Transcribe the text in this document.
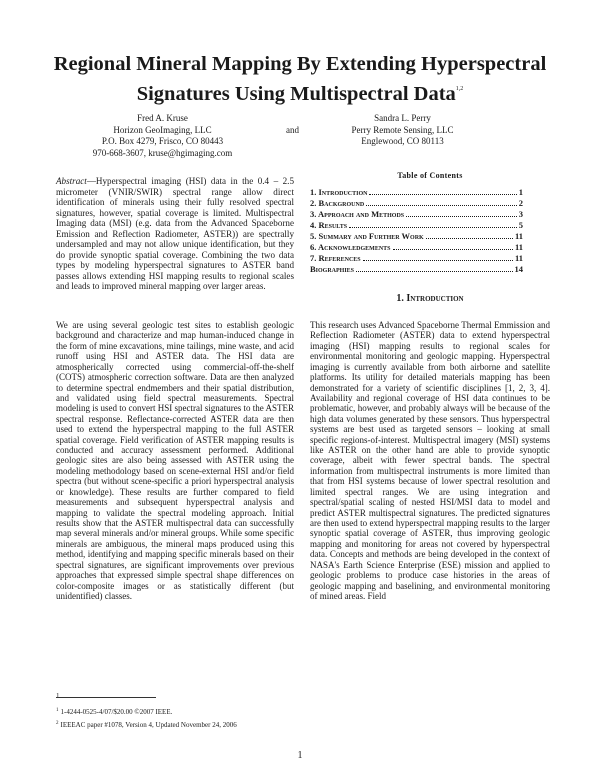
Regional Mineral Mapping By Extending Hyperspectral
Signatures Using Multispectral Data$^{1,2}$
Fred A. Kruse
Horizon GeoImaging, LLC
P.O. Box 4279, Frisco, CO 80443
970-668-3607, kruse@hgimaging.com
and
Sandra L. Perry
Perry Remote Sensing, LLC
Englewood, CO 80113
Abstract—Hyperspectral imaging (HSI) data in the 0.4 – 2.5 micrometer (VNIR/SWIR) spectral range allow direct identification of minerals using their fully resolved spectral signatures, however, spatial coverage is limited. Multispectral Imaging data (MSI) (e.g. data from the Advanced Spaceborne Emission and Reflection Radiometer, ASTER)) are spectrally undersampled and may not allow unique identification, but they do provide synoptic spatial coverage. Combining the two data types by modeling hyperspectral signatures to ASTER band passes allows extending HSI mapping results to regional scales and leads to improved mineral mapping over larger areas.
Table of Contents
1. Introduction	1
2. Background	2
3. Approach and Methods	3
4. Results	5
5. Summary and Further Work	11
6. Acknowledgements	11
7. References	11
Biographies	14
1. Introduction
We are using several geologic test sites to establish geologic background and characterize and map human-induced change in the form of mine excavations, mine tailings, mine waste, and acid runoff using HSI and ASTER data. The HSI data are atmospherically corrected using commercial-off-the-shelf (COTS) atmospheric correction software. Data are then analyzed to determine spectral endmembers and their spatial distribution, and validated using field spectral measurements. Spectral modeling is used to convert HSI spectral signatures to the ASTER spectral response. Reflectance-corrected ASTER data are then used to extend the hyperspectral mapping to the full ASTER spatial coverage. Field verification of ASTER mapping results is conducted and accuracy assessment performed. Additional geologic sites are also being assessed with ASTER using the modeling methodology based on scene-external HSI and/or field spectra (but without scene-specific a priori hyperspectral analysis or knowledge). These results are further compared to field measurements and subsequent hyperspectral analysis and mapping to validate the spectral modeling approach. Initial results show that the ASTER multispectral data can successfully map several minerals and/or mineral groups. While some specific minerals are ambiguous, the mineral maps produced using this method, identifying and mapping specific minerals based on their spectral signatures, are significant improvements over previous approaches that expressed simple spectral shape differences on color-composite images or as statistically different (but unidentified) classes.
This research uses Advanced Spaceborne Thermal Emmission and Reflection Radiometer (ASTER) data to extend hyperspectral imaging (HSI) mapping results to regional scales for environmental monitoring and geologic mapping. Hyperspectral imaging is currently available from both airborne and satellite platforms. Its utility for detailed materials mapping has been demonstrated for a variety of scientific disciplines [1, 2, 3, 4]. Availability and regional coverage of HSI data continues to be problematic, however, and probably always will be because of the high data volumes generated by these sensors. Thus hyperspectral systems are best used as targeted sensors – looking at small specific regions-of-interest. Multispectral imagery (MSI) systems like ASTER on the other hand are able to provide synoptic coverage, albeit with fewer spectral bands. The spectral information from multispectral instruments is more limited than that from HSI systems because of lower spectral resolution and limited spectral ranges. We are using integration and spectral/spatial scaling of nested HSI/MSI data to model and predict ASTER multispectral signatures. The predicted signatures are then used to extend hyperspectral mapping results to the larger synoptic spatial coverage of ASTER, thus improving geologic mapping and monitoring for areas not covered by hyperspectral data. Concepts and methods are being developed in the context of NASA's Earth Science Enterprise (ESE) mission and applied to geologic problems to produce case histories in the areas of geologic mapping and baselining, and environmental monitoring of mined areas. Field
1
$^1$ 1-4244-0525-4/07/$20.00 ©2007 IEEE.
$^2$ IEEEAC paper #1078, Version 4, Updated November 24, 2006
1
